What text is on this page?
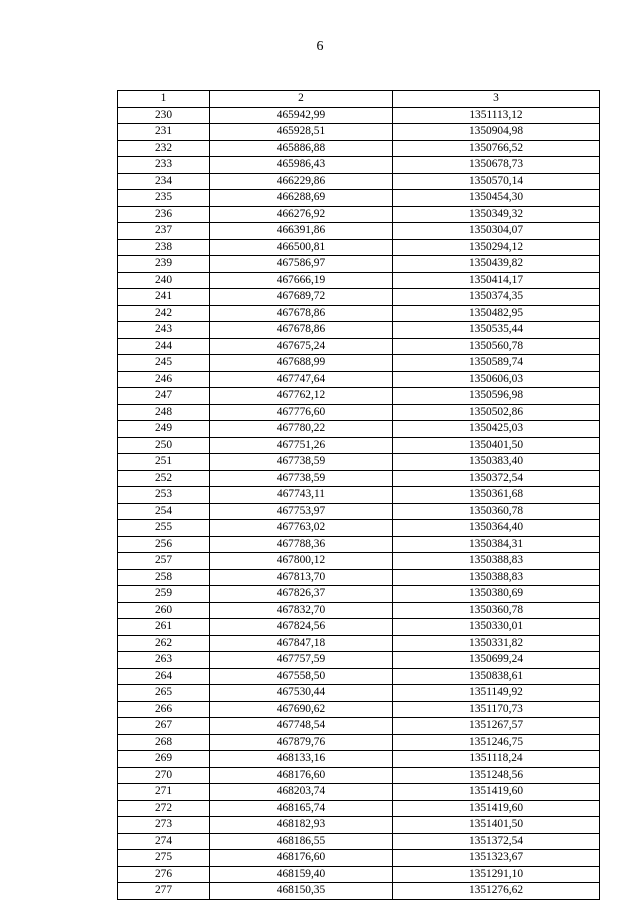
6
1	2	3
230	465942,99	1351113,12
231	465928,51	1350904,98
232	465886,88	1350766,52
233	465986,43	1350678,73
234	466229,86	1350570,14
235	466288,69	1350454,30
236	466276,92	1350349,32
237	466391,86	1350304,07
238	466500,81	1350294,12
239	467586,97	1350439,82
240	467666,19	1350414,17
241	467689,72	1350374,35
242	467678,86	1350482,95
243	467678,86	1350535,44
244	467675,24	1350560,78
245	467688,99	1350589,74
246	467747,64	1350606,03
247	467762,12	1350596,98
248	467776,60	1350502,86
249	467780,22	1350425,03
250	467751,26	1350401,50
251	467738,59	1350383,40
252	467738,59	1350372,54
253	467743,11	1350361,68
254	467753,97	1350360,78
255	467763,02	1350364,40
256	467788,36	1350384,31
257	467800,12	1350388,83
258	467813,70	1350388,83
259	467826,37	1350380,69
260	467832,70	1350360,78
261	467824,56	1350330,01
262	467847,18	1350331,82
263	467757,59	1350699,24
264	467558,50	1350838,61
265	467530,44	1351149,92
266	467690,62	1351170,73
267	467748,54	1351267,57
268	467879,76	1351246,75
269	468133,16	1351118,24
270	468176,60	1351248,56
271	468203,74	1351419,60
272	468165,74	1351419,60
273	468182,93	1351401,50
274	468186,55	1351372,54
275	468176,60	1351323,67
276	468159,40	1351291,10
277	468150,35	1351276,62
